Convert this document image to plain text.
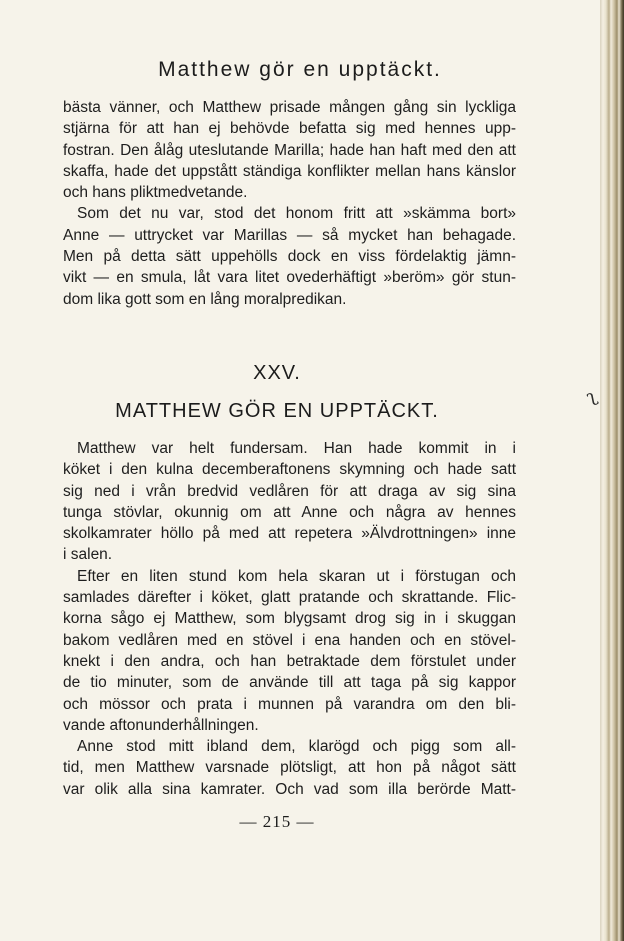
Matthew gör en upptäckt.
bästa vänner, och Matthew prisade mången gång sin lyckliga
stjärna för att han ej behövde befatta sig med hennes upp-
fostran. Den ålåg uteslutande Marilla; hade han haft med den att
skaffa, hade det uppstått ständiga konflikter mellan hans känslor
och hans pliktmedvetande.
Som det nu var, stod det honom fritt att »skämma bort»
Anne — uttrycket var Marillas — så mycket han behagade.
Men på detta sätt uppehölls dock en viss fördelaktig jämn-
vikt — en smula, låt vara litet ovederhäftigt »beröm» gör stun-
dom lika gott som en lång moralpredikan.
XXV.
MATTHEW GÖR EN UPPTÄCKT.
Matthew var helt fundersam. Han hade kommit in i
köket i den kulna decemberaftonens skymning och hade satt
sig ned i vrån bredvid vedlåren för att draga av sig sina
tunga stövlar, okunnig om att Anne och några av hennes
skolkamrater höllo på med att repetera »Älvdrottningen» inne
i salen.
Efter en liten stund kom hela skaran ut i förstugan och
samlades därefter i köket, glatt pratande och skrattande. Flic-
korna sågo ej Matthew, som blygsamt drog sig in i skuggan
bakom vedlåren med en stövel i ena handen och en stövel-
knekt i den andra, och han betraktade dem förstulet under
de tio minuter, som de använde till att taga på sig kappor
och mössor och prata i munnen på varandra om den bli-
vande aftonunderhållningen.
Anne stod mitt ibland dem, klarögd och pigg som all-
tid, men Matthew varsnade plötsligt, att hon på något sätt
var olik alla sina kamrater. Och vad som illa berörde Matt-
— 215 —
ʅ
